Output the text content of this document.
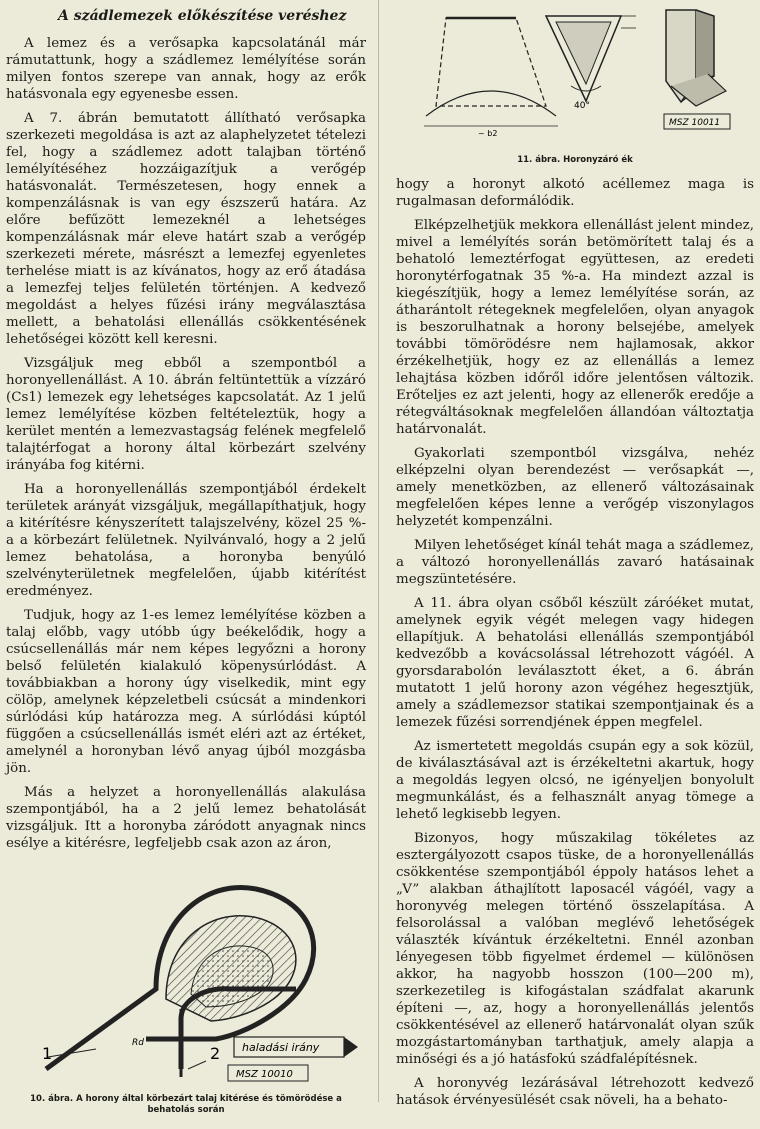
A szádlemezek előkészítése veréshez

A lemez és a verősapka kapcsolatánál már rámutattunk, hogy a szádlemez lemélyítése során milyen fontos szerepe van annak, hogy az erők hatásvonala egy egyenesbe essen.

A 7. ábrán bemutatott állítható verősapka szerkezeti megoldása is azt az alaphelyzetet tételezi fel, hogy a szádlemez adott talajban történő lemélyítéséhez hozzáigazítjuk a verőgép hatásvonalát. Természetesen, hogy ennek a kompenzálásnak is van egy észszerű határa. Az előre befűzött lemezeknél a lehetséges kompenzálásnak már eleve határt szab a verőgép szerkezeti mérete, másrészt a lemezfej egyenletes terhelése miatt is az kívánatos, hogy az erő átadása a lemezfej teljes felületén történjen. A kedvező megoldást a helyes fűzési irány megválasztása mellett, a behatolási ellenállás csökkentésének lehetőségei között kell keresni.

Vizsgáljuk meg ebből a szempontból a horonyellenállást. A 10. ábrán feltüntettük a vízzáró (Cs1) lemezek egy lehetséges kapcsolatát. Az 1 jelű lemez lemélyítése közben feltételeztük, hogy a kerület mentén a lemezvastagság felének megfelelő talajtérfogat a horony által körbezárt szelvény irányába fog kitérni.

Ha a horonyellenállás szempontjából érdekelt területek arányát vizsgáljuk, megállapíthatjuk, hogy a kitérítésre kényszerített talajszelvény, közel 25 %-a a körbezárt felületnek. Nyilvánvaló, hogy a 2 jelű lemez behatolása, a horonyba benyúló szelvényterületnek megfelelően, újabb kitérítést eredményez.

Tudjuk, hogy az 1-es lemez lemélyítése közben a talaj előbb, vagy utóbb úgy beékelődik, hogy a csúcsellenállás már nem képes legyőzni a horony belső felületén kialakuló köpenysúrlódást. A továbbiakban a horony úgy viselkedik, mint egy cölöp, amelynek képzeletbeli csúcsát a mindenkori súrlódási kúp határozza meg. A súrlódási kúptól függően a csúcsellenállás ismét eléri azt az értéket, amelynél a horonyban lévő anyag újból mozgásba jön.

Más a helyzet a horonyellenállás alakulása szempontjából, ha a 2 jelű lemez behatolását vizsgáljuk. Itt a horonyba záródott anyagnak nincs esélye a kitérésre, legfeljebb csak azon az áron,

haladási irány
1	2
Rd
MSZ 10010
10. ábra. A horony által körbezárt talaj kitérése és tömörödése a behatolás során
~ b2
40°
MSZ 10011
11. ábra. Horonyzáró ék

hogy a horonyt alkotó acéllemez maga is rugalmasan deformálódik.

Elképzelhetjük mekkora ellenállást jelent mindez, mivel a lemélyítés során betömörített talaj és a behatoló lemeztérfogat együttesen, az eredeti horonytérfogatnak 35 %-a. Ha mindezt azzal is kiegészítjük, hogy a lemez lemélyítése során, az átharántolt rétegeknek megfelelően, olyan anyagok is beszorulhatnak a horony belsejébe, amelyek további tömörödésre nem hajlamosak, akkor érzékelhetjük, hogy ez az ellenállás a lemez lehajtása közben időről időre jelentősen változik. Erőteljes ez azt jelenti, hogy az ellenerők eredője a rétegváltásoknak megfelelően állandóan változtatja határvonalát.

Gyakorlati szempontból vizsgálva, nehéz elképzelni olyan berendezést — verősapkát —, amely menetközben, az ellenerő változásainak megfelelően képes lenne a verőgép viszonylagos helyzetét kompenzálni.

Milyen lehetőséget kínál tehát maga a szádlemez, a változó horonyellenállás zavaró hatásainak megszüntetésére.

A 11. ábra olyan csőből készült záróéket mutat, amelynek egyik végét melegen vagy hidegen ellapítjuk. A behatolási ellenállás szempontjából kedvezőbb a kovácsolással létrehozott vágóél. A gyorsdarabolón leválasztott éket, a 6. ábrán mutatott 1 jelű horony azon végéhez hegesztjük, amely a szádlemezsor statikai szempontjainak és a lemezek fűzési sorrendjének éppen megfelel.

Az ismertetett megoldás csupán egy a sok közül, de kiválasztásával azt is érzékeltetni akartuk, hogy a megoldás legyen olcsó, ne igényeljen bonyolult megmunkálást, és a felhasznált anyag tömege a lehető legkisebb legyen.

Bizonyos, hogy műszakilag tökéletes az esztergályozott csapos tüske, de a horonyellenállás csökkentése szempontjából éppoly hatásos lehet a „V” alakban áthajlított laposacél vágóél, vagy a horonyvég melegen történő összelapítása. A felsorolással a valóban meglévő lehetőségek választék kívántuk érzékeltetni. Ennél azonban lényegesen több figyelmet érdemel — különösen akkor, ha nagyobb hosszon (100—200 m), szerkezetileg is kifogástalan szádfalat akarunk építeni —, az, hogy a horonyellenállás jelentős csökkentésével az ellenerő határvonalát olyan szűk mozgástartományban tarthatjuk, amely alapja a minőségi és a jó hatásfokú szádfalépítésnek.

A horonyvég lezárásával létrehozott kedvező hatások érvényesülését csak növeli, ha a behato-
